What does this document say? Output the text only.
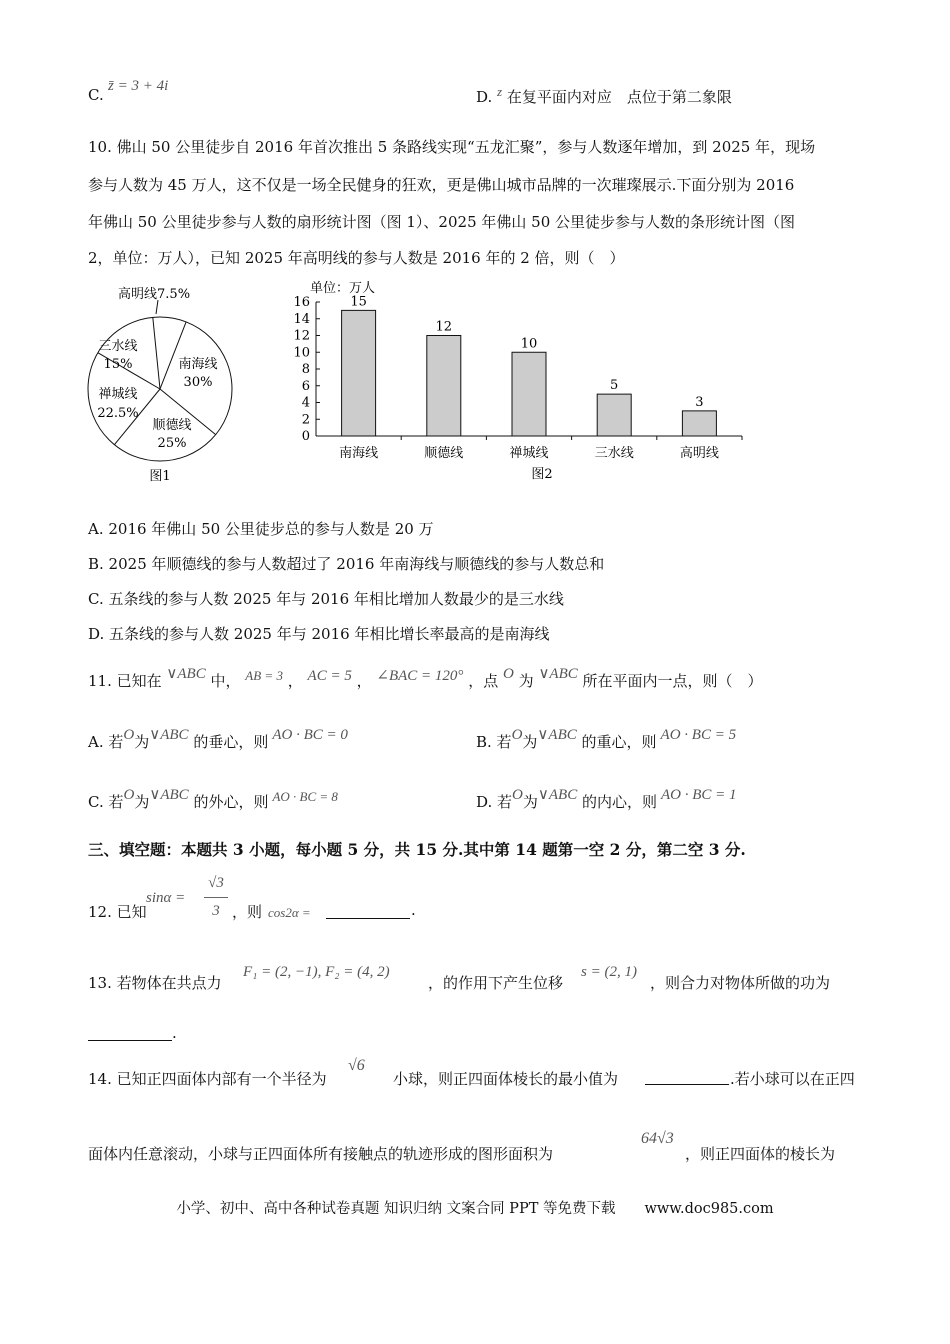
C. z̄ = 3 + 4i
D. z 在复平面内对应　点位于第二象限
10. 佛山 50 公里徒步自 2016 年首次推出 5 条路线实现“五龙汇聚”，参与人数逐年增加，到 2025 年，现场
参与人数为 45 万人，这不仅是一场全民健身的狂欢，更是佛山城市品牌的一次璀璨展示.下面分别为 2016
年佛山 50 公里徒步参与人数的扇形统计图（图 1）、2025 年佛山 50 公里徒步参与人数的条形统计图（图
2，单位：万人），已知 2025 年高明线的参与人数是 2016 年的 2 倍，则（　）
高明线7.5%
南海线
30%
顺德线
25%
禅城线
22.5%
三水线
15%
图1
单位：万人
0
2
4
6
8
10
12
14
16	15
12
10
5
3
南海线	顺德线	禅城线	三水线	高明线
图2
A. 2016 年佛山 50 公里徒步总的参与人数是 20 万
B. 2025 年顺德线的参与人数超过了 2016 年南海线与顺德线的参与人数总和
C. 五条线的参与人数 2025 年与 2016 年相比增加人数最少的是三水线
D. 五条线的参与人数 2025 年与 2016 年相比增长率最高的是南海线
11. 已知在 ∨ABC 中， AB = 3 ， AC = 5 ， ∠BAC = 120° ，点 O 为 ∨ABC 所在平面内一点，则（　）
A. 若O为∨ABC 的垂心，则 AO · BC = 0	B. 若O为∨ABC 的重心，则 AO · BC = 5
C. 若O为∨ABC 的外心，则 AO · BC = 8	D. 若O为∨ABC 的内心，则 AO · BC = 1
三、填空题：本题共 3 小题，每小题 5 分，共 15 分.其中第 14 题第一空 2 分，第二空 3 分.
12. 已知
sinα =
√3
3 ，则 cos2α =	.
13. 若物体在共点力
F₁ = (2, −1), F₂ = (4, 2)
，的作用下产生位移
s = (2, 1)
，则合力对物体所做的功为
.
14. 已知正四面体内部有一个半径为
√6
小球，则正四面体棱长的最小值为	.若小球可以在正四
面体内任意滚动，小球与正四面体所有接触点的轨迹形成的图形面积为
64√3
，则正四面体的棱长为
小学、初中、高中各种试卷真题 知识归纳 文案合同 PPT 等免费下载　　www.doc985.com
